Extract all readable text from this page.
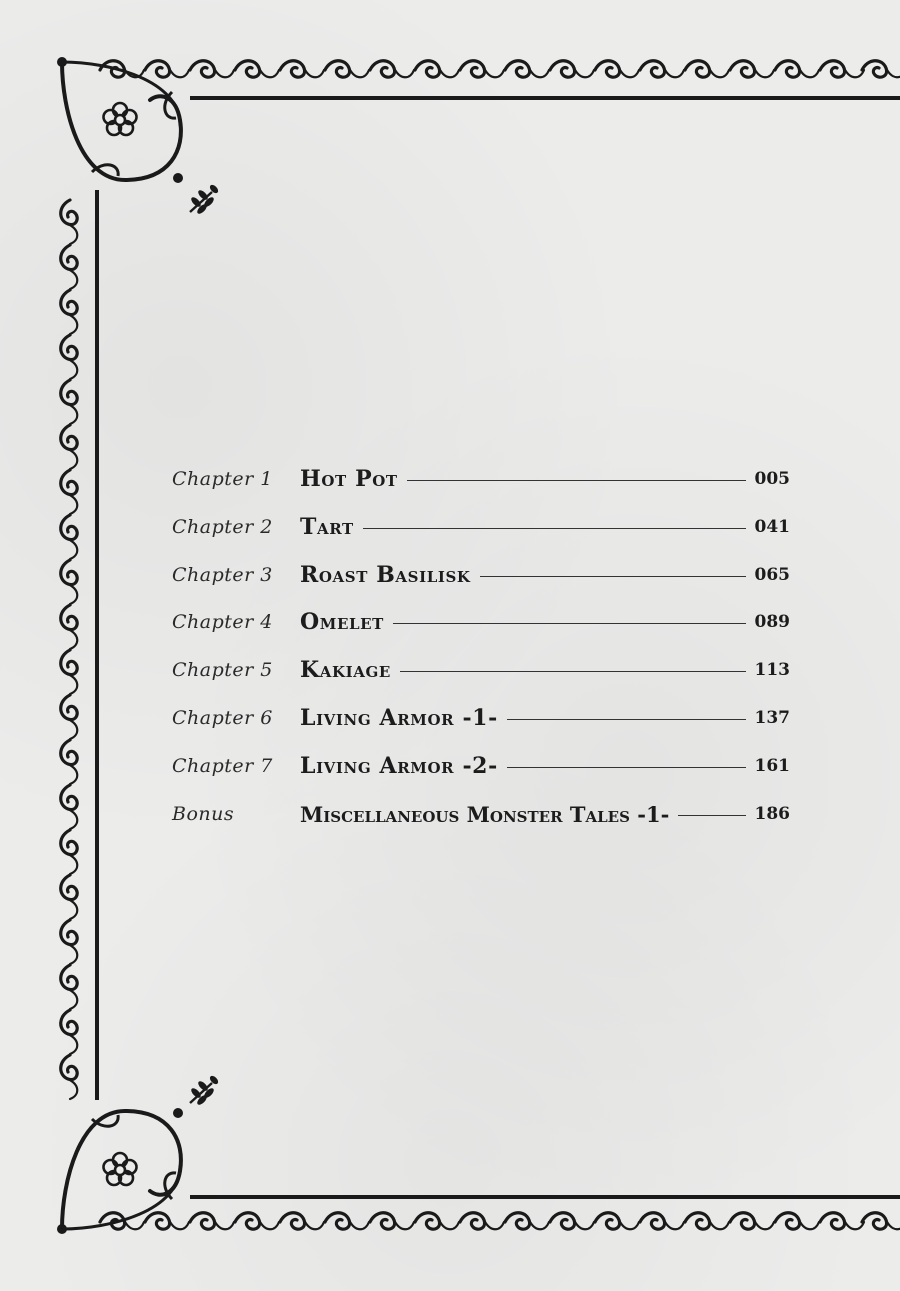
Chapter 1	Hot Pot	005
Chapter 2	Tart	041
Chapter 3	Roast Basilisk	065
Chapter 4	Omelet	089
Chapter 5	Kakiage	113
Chapter 6	Living Armor -1-	137
Chapter 7	Living Armor -2-	161
Bonus	Miscellaneous Monster Tales -1-	186
